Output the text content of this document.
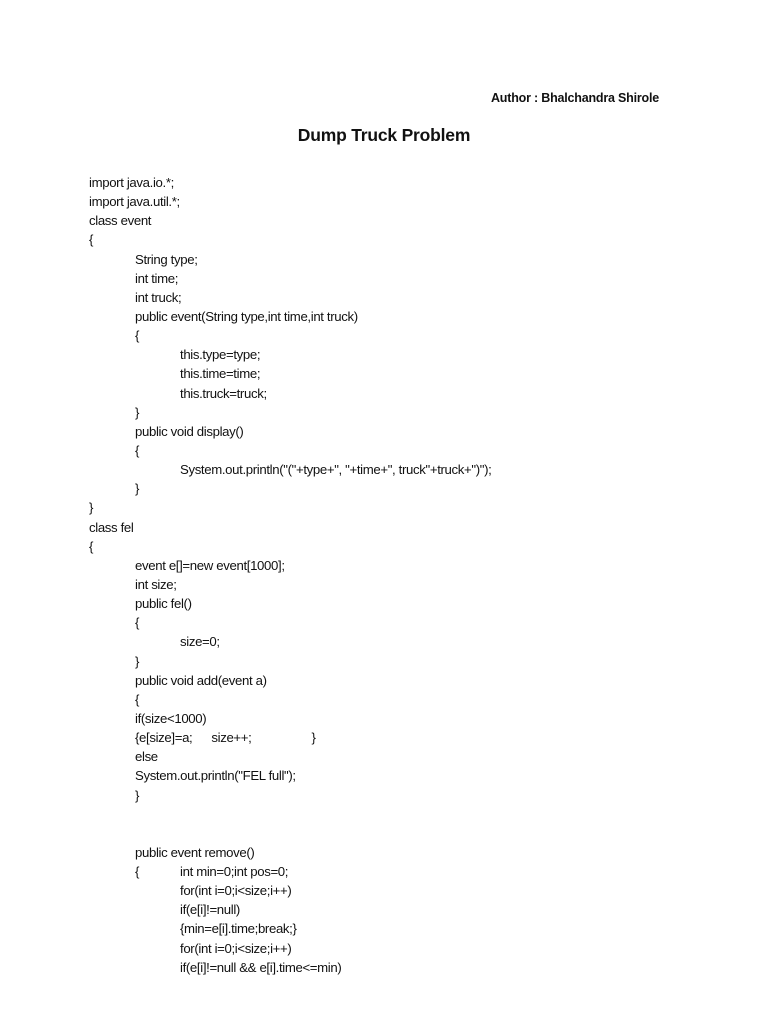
Author : Bhalchandra Shirole
Dump Truck Problem
import java.io.*;
import java.util.*;
class event
{
String type;
int time;
int truck;
public event(String type,int time,int truck)
{
this.type=type;
this.time=time;
this.truck=truck;
}
public void display()
{
System.out.println("("+type+", "+time+", truck"+truck+")");
}
}
class fel
{
event e[]=new event[1000];
int size;
public fel()
{
size=0;
}
public void add(event a)
{
if(size<1000)
{e[size]=a; size++;	}
else
System.out.println("FEL full");
}
public event remove()
{	int min=0;int pos=0;
for(int i=0;i<size;i++)
if(e[i]!=null)
{min=e[i].time;break;}
for(int i=0;i<size;i++)
if(e[i]!=null && e[i].time<=min)
